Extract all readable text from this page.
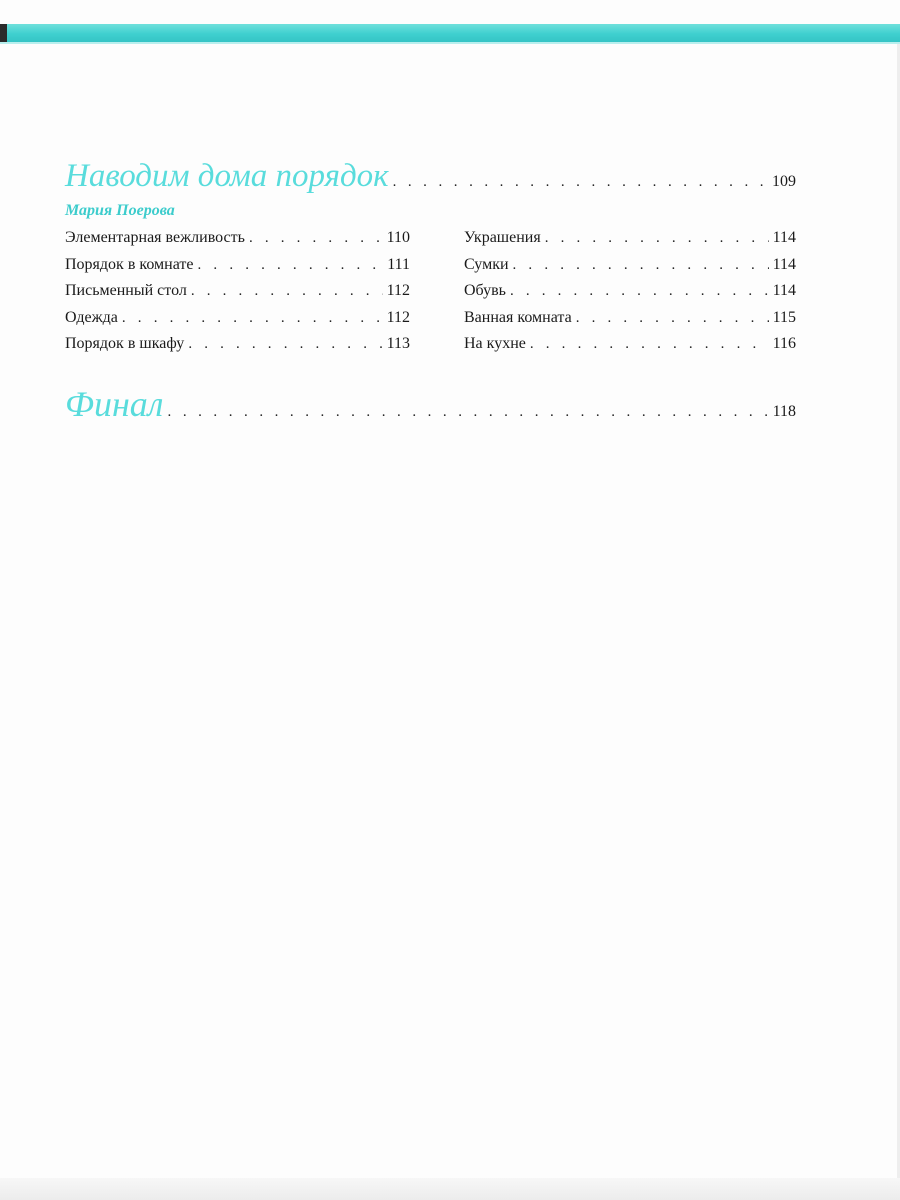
Наводим дома порядок . . .	109
Мария Поерова
Элементарная вежливость . . .	110
Порядок в комнате . . .	111
Письменный стол . . .	112
Одежда . . .	112
Порядок в шкафу . . .	113
Украшения . . .	114
Сумки . . .	114
Обувь . . .	114
Ванная комната . . .	115
На кухне . . .	116
Финал . . .	118
